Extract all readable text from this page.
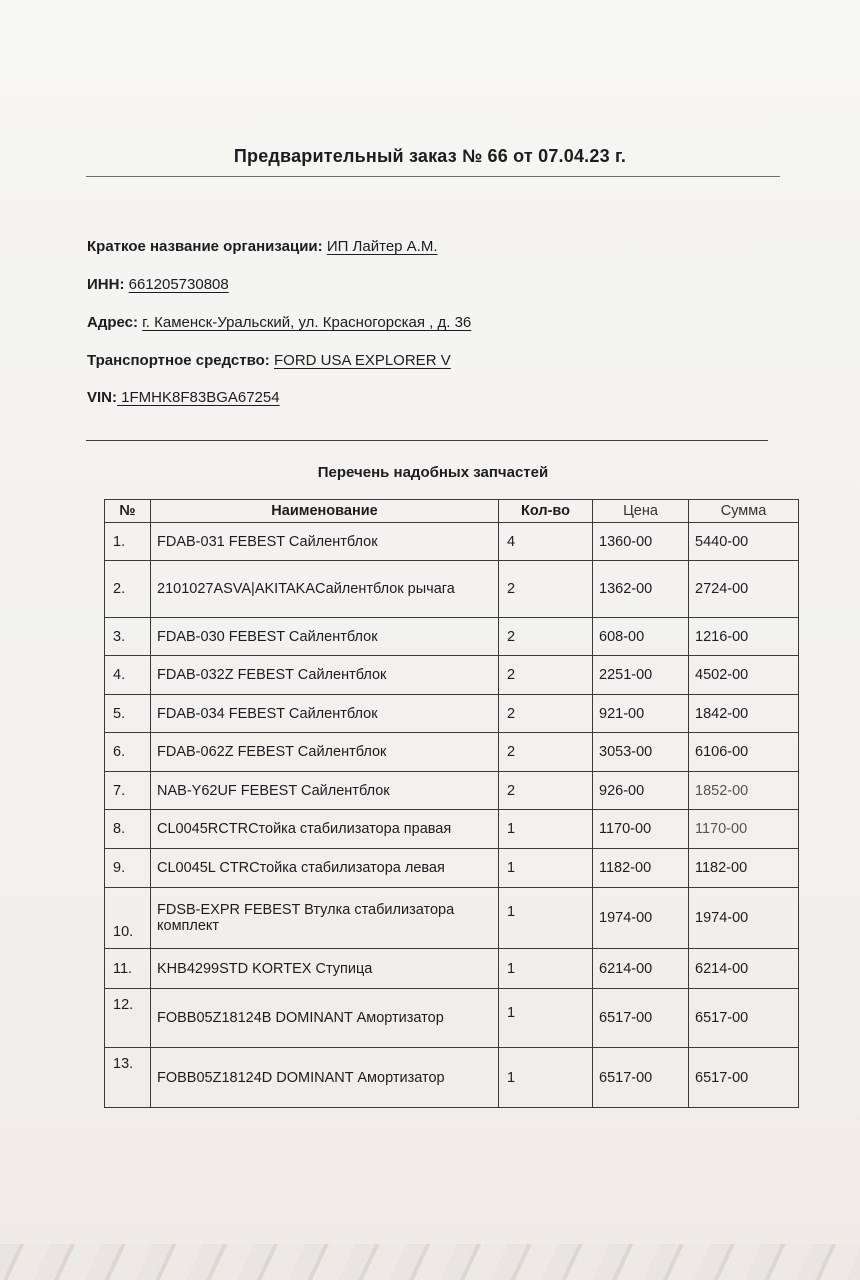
Предварительный заказ № 66 от 07.04.23 г.
Краткое название организации: ИП Лайтер А.М.
ИНН: 661205730808
Адрес: г. Каменск-Уральский, ул. Красногорская , д. 36
Транспортное средство: FORD USA EXPLORER V
VIN: 1FMHK8F83BGA67254
Перечень надобных запчастей
№	Наименование	Кол-во	Цена	Сумма
1.	FDAB-031 FEBEST Сайлентблок	4	1360-00	5440-00
2.	2101027ASVA|AKITAKAСайлентблок рычага	2	1362-00	2724-00
3.	FDAB-030 FEBEST Сайлентблок	2	608-00	1216-00
4.	FDAB-032Z FEBEST Сайлентблок	2	2251-00	4502-00
5.	FDAB-034 FEBEST Сайлентблок	2	921-00	1842-00
6.	FDAB-062Z FEBEST Сайлентблок	2	3053-00	6106-00
7.	NAB-Y62UF FEBEST Сайлентблок	2	926-00	1852-00
8.	CL0045RCTRCтойка стабилизатора правая	1	1170-00	1170-00
9.	CL0045L CTRCтойка стабилизатора левая	1	1182-00	1182-00
10.	FDSB-EXPR FEBEST Втулка стабилизатора комплект	1	1974-00	1974-00
11.	KHB4299STD KORTEX Ступица	1	6214-00	6214-00
12.	FOBB05Z18124B DOMINANT Амортизатор	1	6517-00	6517-00
13.	FOBB05Z18124D DOMINANT Амортизатор	1	6517-00	6517-00
